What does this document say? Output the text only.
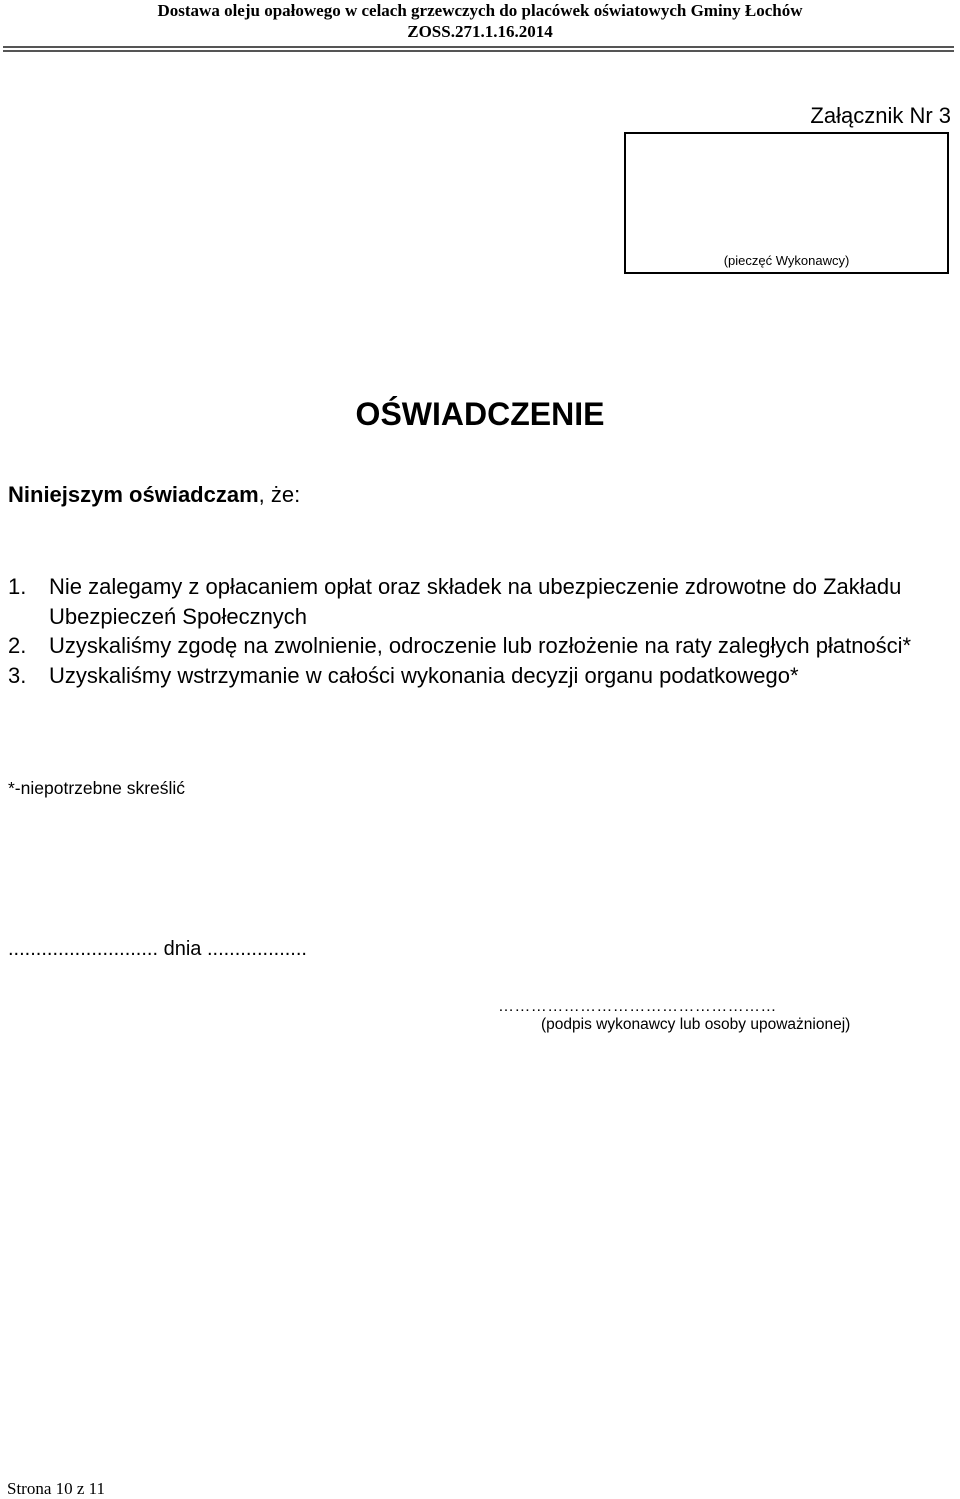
Dostawa oleju opałowego w celach grzewczych do placówek oświatowych Gminy Łochów
ZOSS.271.1.16.2014
Załącznik Nr 3
(pieczęć Wykonawcy)
OŚWIADCZENIE
Niniejszym oświadczam, że:
1. Nie zalegamy z opłacaniem opłat oraz składek na ubezpieczenie zdrowotne do Zakładu Ubezpieczeń Społecznych
2. Uzyskaliśmy zgodę na zwolnienie, odroczenie lub rozłożenie na raty zaległych płatności*
3. Uzyskaliśmy wstrzymanie w całości wykonania decyzji organu podatkowego*
*-niepotrzebne skreślić
........................... dnia ..................
……………………………………………
(podpis wykonawcy lub osoby upoważnionej)
Strona 10 z 11
